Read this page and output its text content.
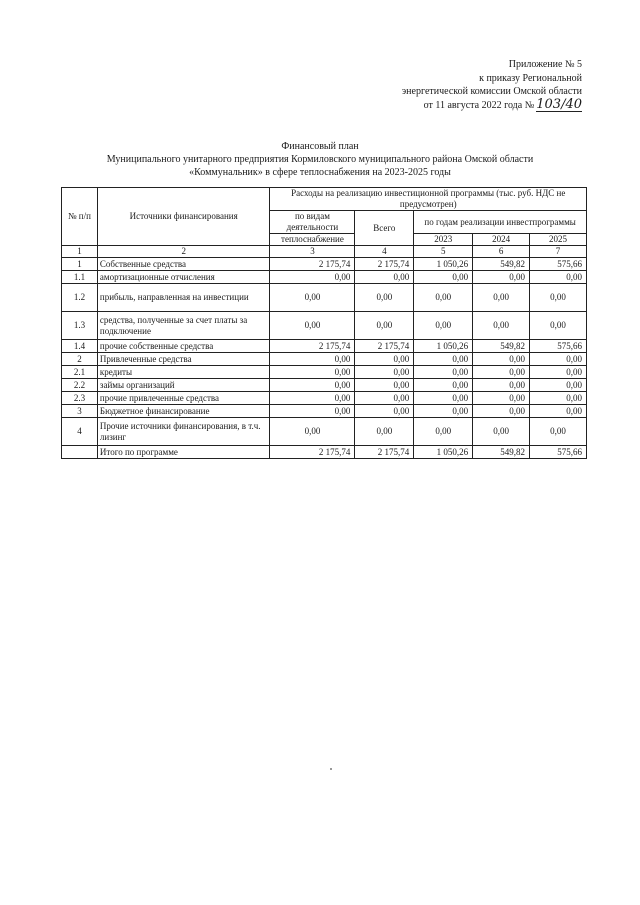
Приложение № 5
к приказу Региональной
энергетической комиссии Омской области
от 11 августа 2022 года № 103/40
Финансовый план
Муниципального унитарного предприятия Кормиловского муниципального района Омской области
«Коммунальник» в сфере теплоснабжения на 2023-2025 годы
№ п/п	Источники финансирования	Расходы на реализацию инвестиционной программы (тыс. руб. НДС не предусмотрен)				
		по видам деятельности	Всего	по годам реализации инвестпрограммы		
		теплоснабжение		2023	2024	2025
1	2	3	4	5	6	7
1	Собственные средства	2 175,74	2 175,74	1 050,26	549,82	575,66
1.1	амортизационные отчисления	0,00	0,00	0,00	0,00	0,00
1.2	прибыль, направленная на инвестиции	0,00	0,00	0,00	0,00	0,00
1.3	средства, полученные за счет платы за подключение	0,00	0,00	0,00	0,00	0,00
1.4	прочие собственные средства	2 175,74	2 175,74	1 050,26	549,82	575,66
2	Привлеченные средства	0,00	0,00	0,00	0,00	0,00
2.1	кредиты	0,00	0,00	0,00	0,00	0,00
2.2	займы организаций	0,00	0,00	0,00	0,00	0,00
2.3	прочие привлеченные средства	0,00	0,00	0,00	0,00	0,00
3	Бюджетное финансирование	0,00	0,00	0,00	0,00	0,00
4	Прочие источники финансирования, в т.ч. лизинг	0,00	0,00	0,00	0,00	0,00
	Итого по программе	2 175,74	2 175,74	1 050,26	549,82	575,66
